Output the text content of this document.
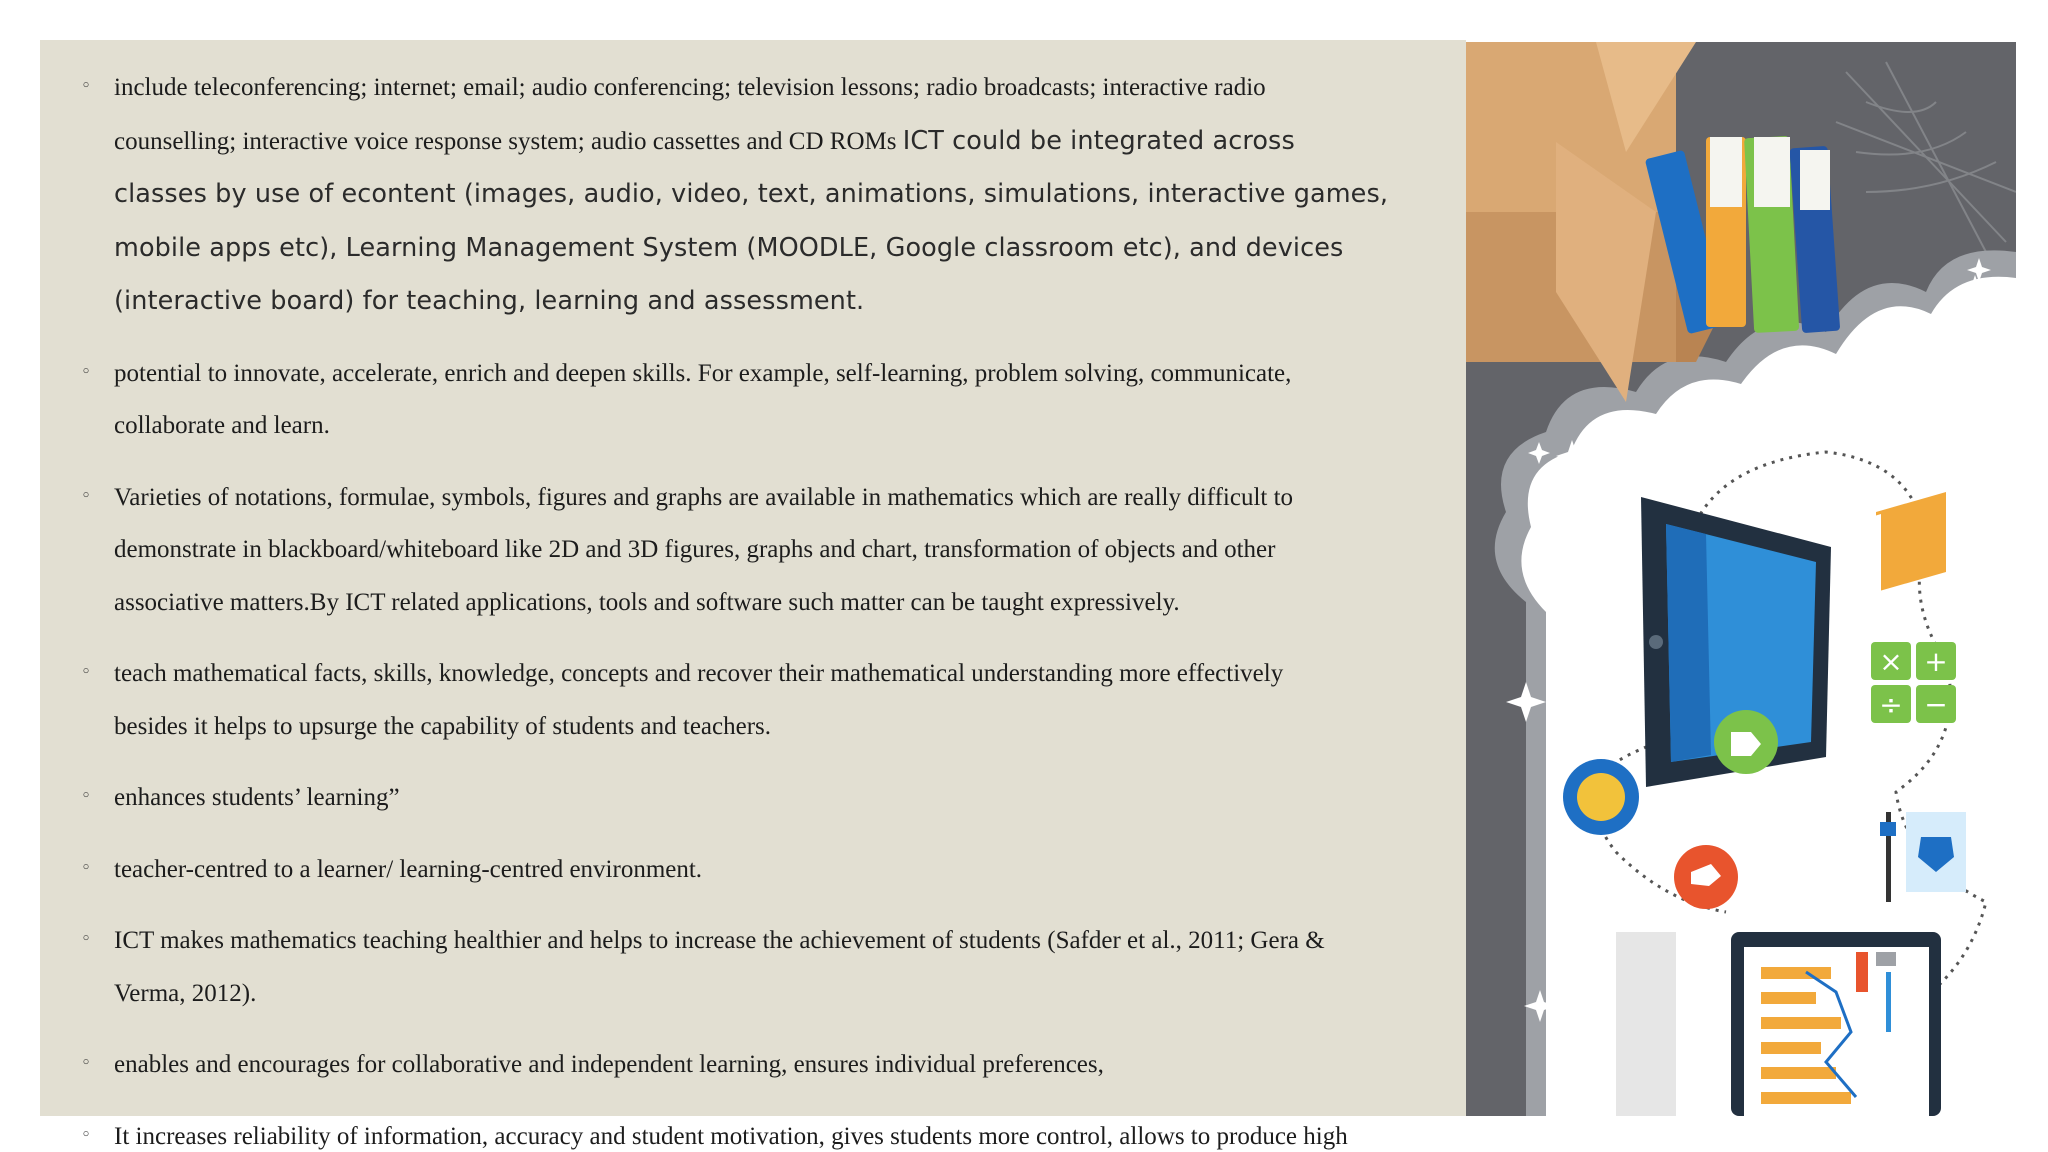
◦ include teleconferencing; internet; email; audio conferencing; television lessons; radio broadcasts; interactive radio
counselling; interactive voice response system; audio cassettes and CD ROMs ICT could be integrated across
classes by use of econtent (images, audio, video, text, animations, simulations, interactive games,
mobile apps etc), Learning Management System (MOODLE, Google classroom etc), and devices
(interactive board) for teaching, learning and assessment.
◦ potential to innovate, accelerate, enrich and deepen skills. For example, self-learning, problem solving, communicate,
collaborate and learn.
◦ Varieties of notations, formulae, symbols, figures and graphs are available in mathematics which are really difficult to
demonstrate in blackboard/whiteboard like 2D and 3D figures, graphs and chart, transformation of objects and other
associative matters.By ICT related applications, tools and software such matter can be taught expressively.
◦ teach mathematical facts, skills, knowledge, concepts and recover their mathematical understanding more effectively
besides it helps to upsurge the capability of students and teachers.
◦ enhances students’ learning”
◦ teacher-centred to a learner/ learning-centred environment.
◦ ICT makes mathematics teaching healthier and helps to increase the achievement of students (Safder et al., 2011; Gera &
Verma, 2012).
◦ enables and encourages for collaborative and independent learning, ensures individual preferences,
◦ It increases reliability of information, accuracy and student motivation, gives students more control, allows to produce high
× +
÷ −
